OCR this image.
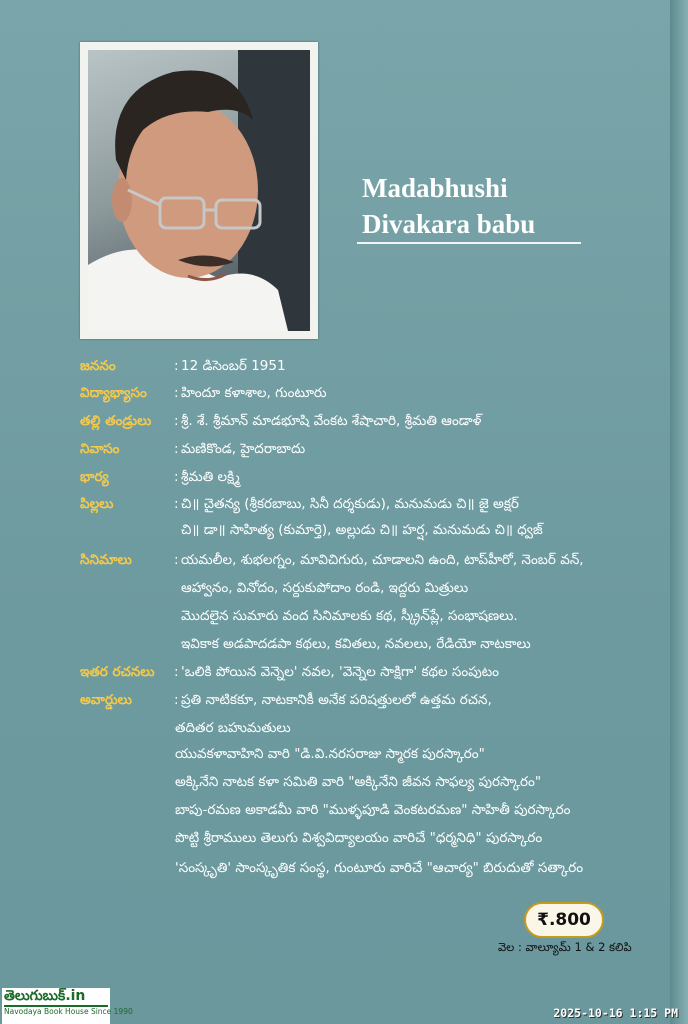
Madabhushi
Divakara babu
జననం	: 12 డిసెంబర్ 1951
విద్యాభ్యాసం : హిందూ కళాశాల, గుంటూరు
తల్లి తండ్రులు : శ్రీ. శే. శ్రీమాన్ మాడభూషి వేంకట శేషాచారి, శ్రీమతి ఆండాళ్
నివాసం	: మణికొండ, హైదరాబాదు
భార్య	: శ్రీమతి లక్ష్మి
పిల్లలు	: చి॥ చైతన్య (శ్రీకరబాబు, సినీ దర్శకుడు), మనుమడు చి॥ జై అక్షర్
చి॥ డా॥ సాహిత్య (కుమార్తె), అల్లుడు చి॥ హర్ష, మనుమడు చి॥ ధ్వజ్
సినిమాలు	: యమలీల, శుభలగ్నం, మావిచిగురు, చూడాలని ఉంది, టాప్‌హీరో, నెంబర్ వన్,
ఆహ్వానం, వినోదం, సర్దుకుపోదాం రండి, ఇద్దరు మిత్రులు
మొదలైన సుమారు వంద సినిమాలకు కథ, స్క్రీన్‌ప్లే, సంభాషణలు.
ఇవికాక అడపాదడపా కథలు, కవితలు, నవలలు, రేడియో నాటకాలు
ఇతర రచనలు : 'ఒలికి పోయిన వెన్నెల' నవల, 'వెన్నెల సాక్షిగా' కథల సంపుటం
అవార్డులు	: ప్రతి నాటికకూ, నాటకానికీ అనేక పరిషత్తులలో ఉత్తమ రచన,
తదితర బహుమతులు
యువకళావాహిని వారి "డి.వి.నరసరాజు స్మారక పురస్కారం"
అక్కినేని నాటక కళా సమితి వారి "అక్కినేని జీవన సాఫల్య పురస్కారం"
బాపు-రమణ అకాడమీ వారి "ముళ్ళపూడి వెంకటరమణ" సాహితీ పురస్కారం
పొట్టి శ్రీరాములు తెలుగు విశ్వవిద్యాలయం వారిచే "ధర్మనిధి" పురస్కారం
'సంస్కృతి' సాంస్కృతిక సంస్థ, గుంటూరు వారిచే "ఆచార్య" బిరుదుతో సత్కారం
₹.800
వెల : వాల్యూమ్ 1 & 2 కలిపి
తెలుగుబుక్.in
Navodaya Book House Since 1990	2025-10-16 1:15 PM
